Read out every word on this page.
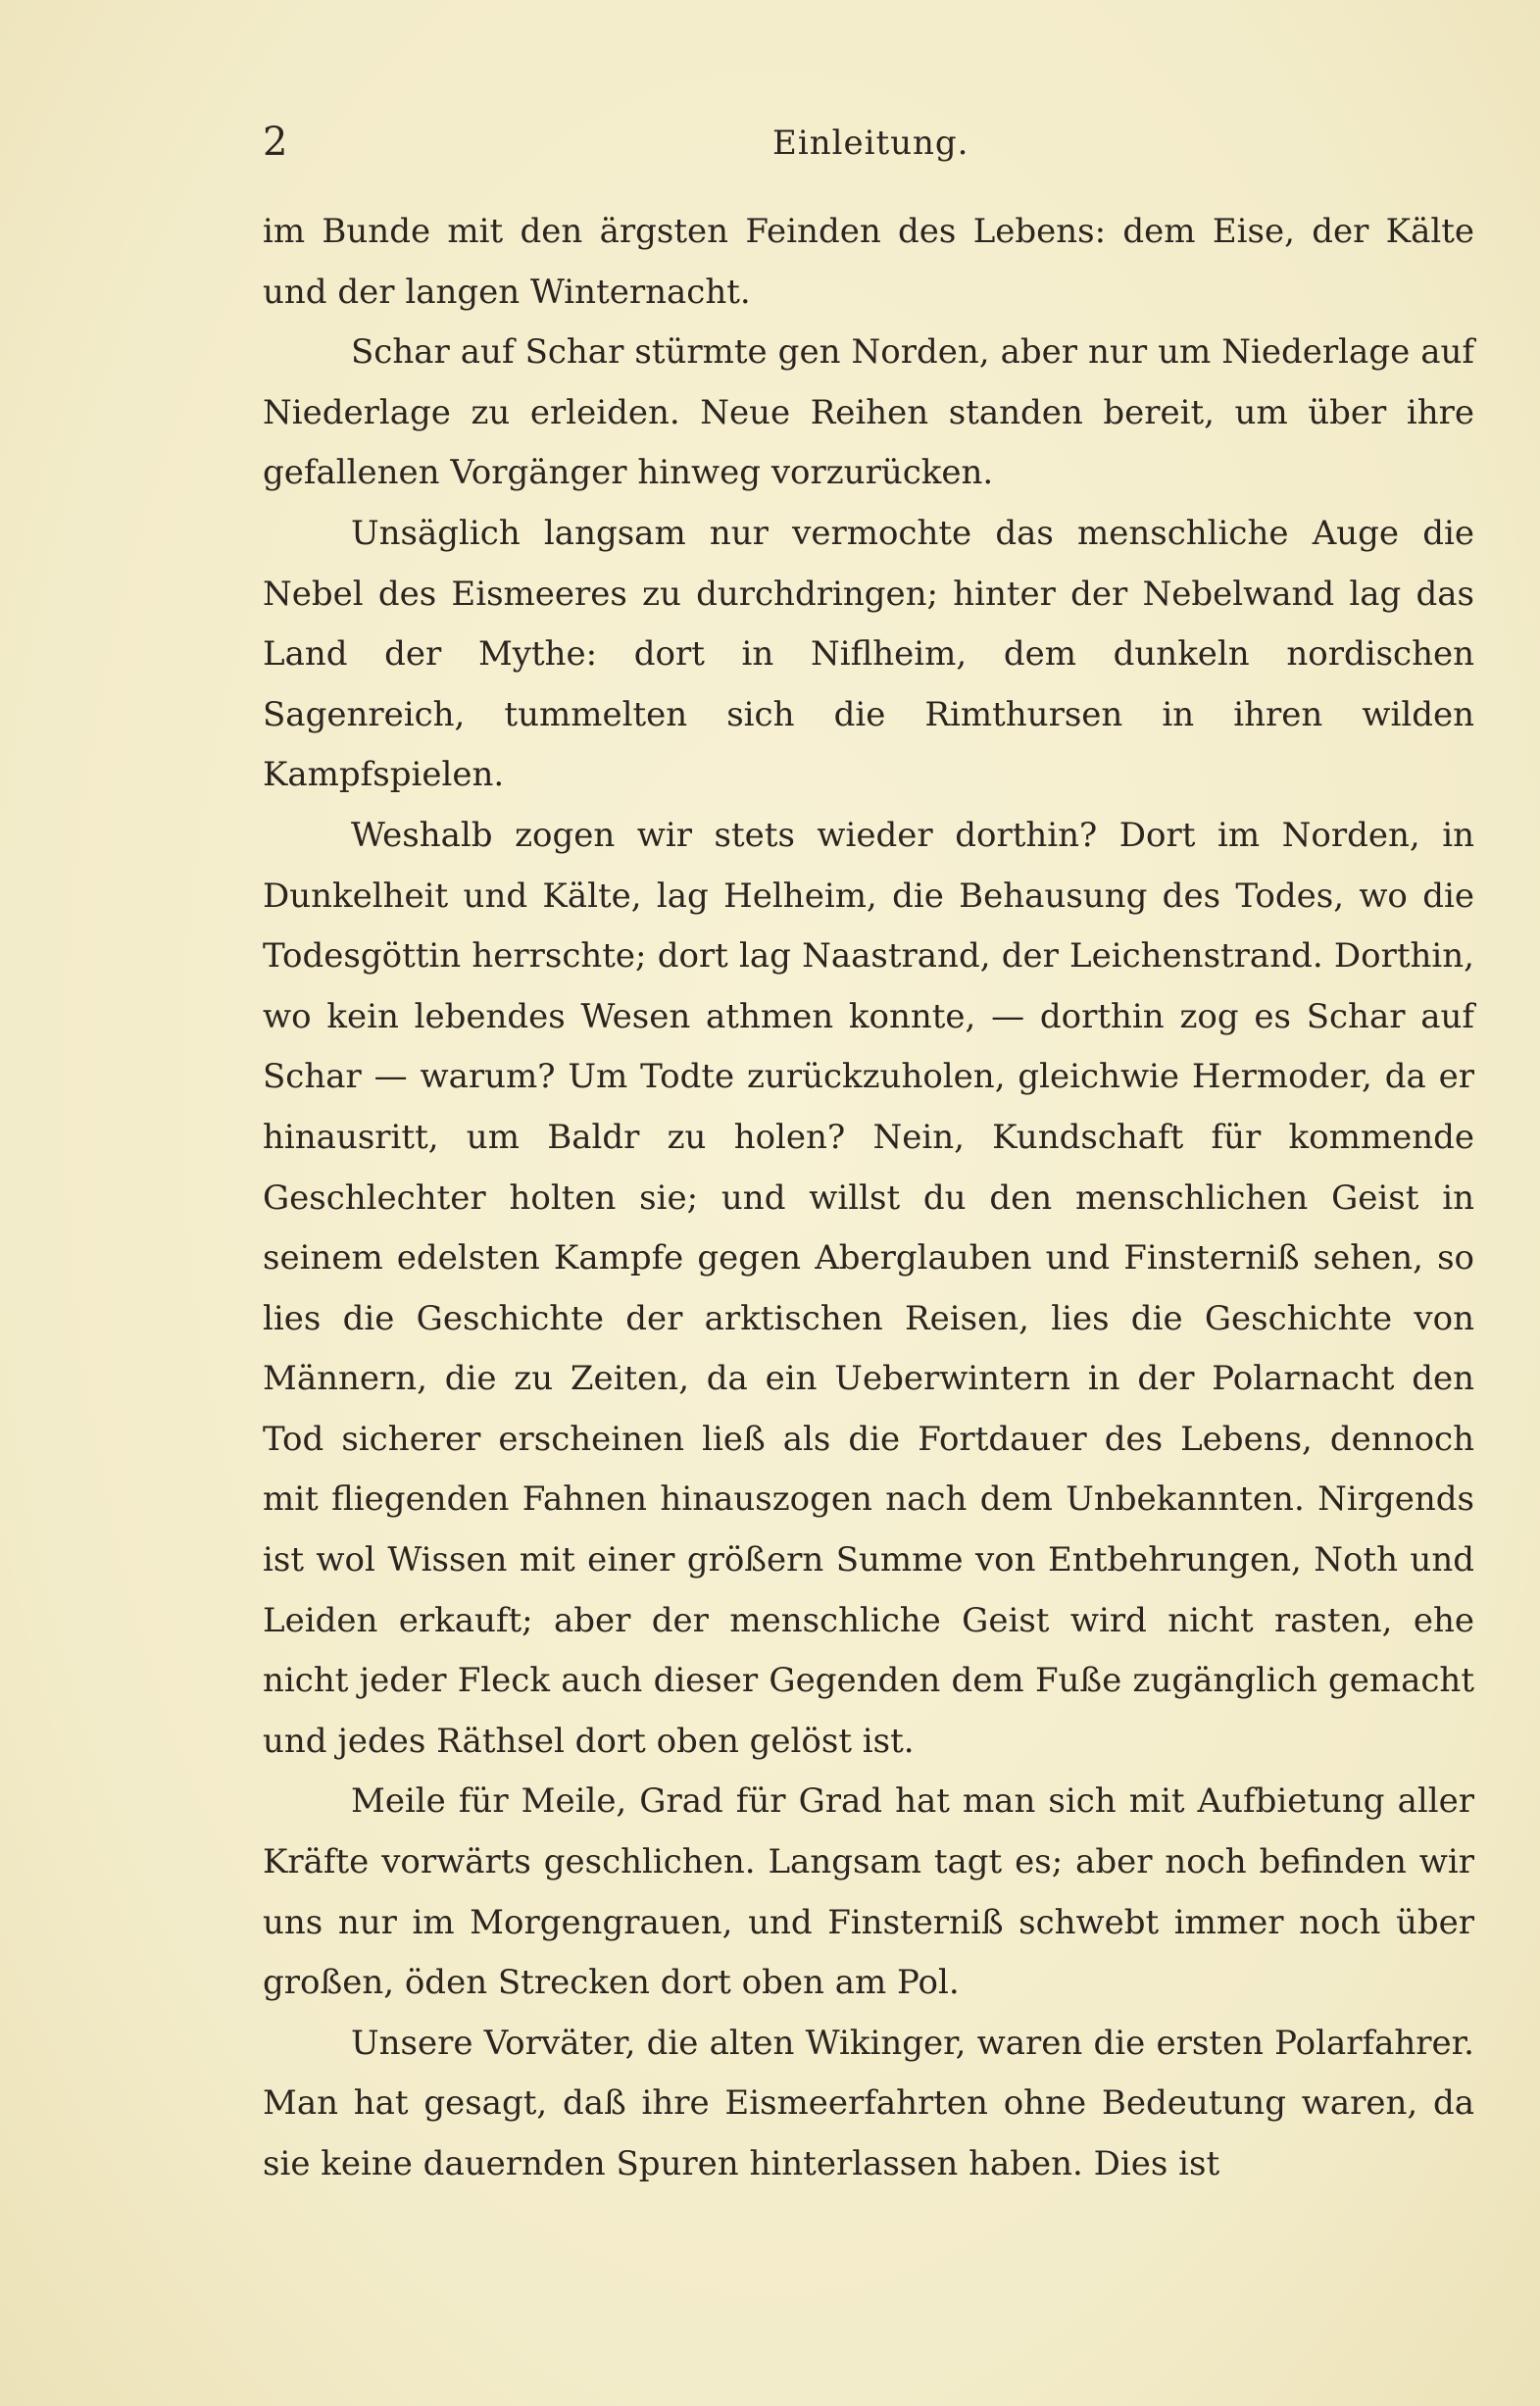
2	Einleitung.

im Bunde mit den ärgsten Feinden des Lebens: dem Eise, der Kälte und der langen Winternacht.

Schar auf Schar stürmte gen Norden, aber nur um Niederlage auf Niederlage zu erleiden. Neue Reihen standen bereit, um über ihre gefallenen Vorgänger hinweg vorzurücken.

Unsäglich langsam nur vermochte das menschliche Auge die Nebel des Eismeeres zu durchdringen; hinter der Nebelwand lag das Land der Mythe: dort in Niflheim, dem dunkeln nordischen Sagenreich, tummelten sich die Rimthursen in ihren wilden Kampfspielen.

Weshalb zogen wir stets wieder dorthin? Dort im Norden, in Dunkelheit und Kälte, lag Helheim, die Behausung des Todes, wo die Todesgöttin herrschte; dort lag Naastrand, der Leichenstrand. Dorthin, wo kein lebendes Wesen athmen konnte, — dorthin zog es Schar auf Schar — warum? Um Todte zurückzuholen, gleichwie Hermoder, da er hinausritt, um Baldr zu holen? Nein, Kundschaft für kommende Geschlechter holten sie; und willst du den menschlichen Geist in seinem edelsten Kampfe gegen Aberglauben und Finsterniß sehen, so lies die Geschichte der arktischen Reisen, lies die Geschichte von Männern, die zu Zeiten, da ein Ueberwintern in der Polarnacht den Tod sicherer erscheinen ließ als die Fortdauer des Lebens, dennoch mit fliegenden Fahnen hinauszogen nach dem Unbekannten. Nirgends ist wol Wissen mit einer größern Summe von Entbehrungen, Noth und Leiden erkauft; aber der menschliche Geist wird nicht rasten, ehe nicht jeder Fleck auch dieser Gegenden dem Fuße zugänglich gemacht und jedes Räthsel dort oben gelöst ist.

Meile für Meile, Grad für Grad hat man sich mit Aufbietung aller Kräfte vorwärts geschlichen. Langsam tagt es; aber noch befinden wir uns nur im Morgengrauen, und Finsterniß schwebt immer noch über großen, öden Strecken dort oben am Pol.

Unsere Vorväter, die alten Wikinger, waren die ersten Polarfahrer. Man hat gesagt, daß ihre Eismeerfahrten ohne Bedeutung waren, da sie keine dauernden Spuren hinterlassen haben. Dies ist
